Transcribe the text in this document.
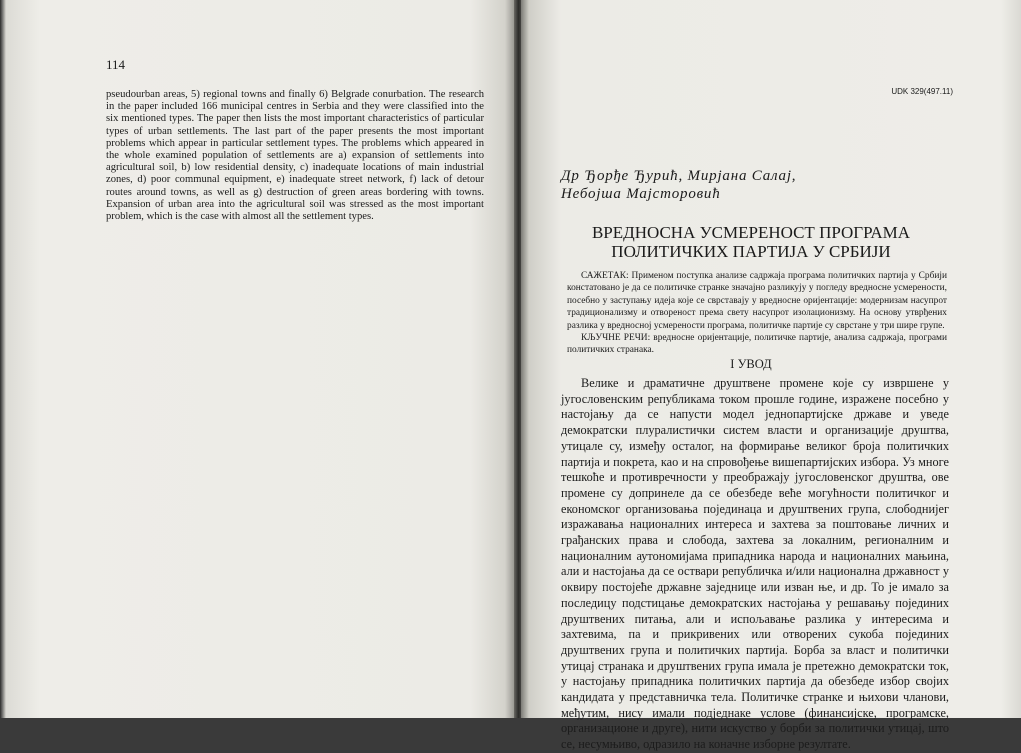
114
pseudourban areas, 5) regional towns and finally 6) Belgrade conurbation. The research in the paper included 166 municipal centres in Serbia and they were classified into the six mentioned types. The paper then lists the most important characteristics of particular types of urban settlements. The last part of the paper presents the most important problems which appear in particular settlement types. The problems which appeared in the whole examined population of settlements are a) expansion of settlements into agricultural soil, b) low residential density, c) inadequate locations of main industrial zones, d) poor communal equipment, e) inadequate street network, f) lack of detour routes around towns, as well as g) destruction of green areas bordering with towns. Expansion of urban area into the agricultural soil was stressed as the most important problem, which is the case with almost all the settlement types.
UDK 329(497.11)
Др Ђорђе Ђурић, Мирјана Салај,
Небојша Мајсторовић
ВРЕДНОСНА УСМЕРЕНОСТ ПРОГРАМА
ПОЛИТИЧКИХ ПАРТИЈА У СРБИЈИ

САЖЕТАК: Применом поступка анализе садржаја програма политичких партија у Србији констатовано је да се политичке странке значајно разликују у погледу вредносне усмерености, посебно у заступању идеја које се сврставају у вредносне оријентације: модернизам насупрот традиционализму и отвореност према свету насупрот изолационизму. На основу утврђених разлика у вредносној усмерености програма, политичке партије су сврстане у три шире групе.

КЉУЧНЕ РЕЧИ: вредносне оријентације, политичке партије, анализа садржаја, програми политичких странака.

I УВОД
Велике и драматичне друштвене промене које су извршене у југословенским републикама током прошле године, изражене посебно у настојању да се напусти модел једнопартијске државе и уведе демократски плуралистички систем власти и организације друштва, утицале су, између осталог, на формирање великог броја политичких партија и покрета, као и на спровођење вишепартијских избора. Уз многе тешкоће и противречности у преображају југословенског друштва, ове промене су допринеле да се обезбеде веће могућности политичког и економског организовања појединаца и друштвених група, слободнијег изражавања националних интереса и захтева за поштовање личних и грађанских права и слобода, захтева за локалним, регионалним и националним аутономијама припадника народа и националних мањина, али и настојања да се оствари републичка и/или национална државност у оквиру постојеће државне заједнице или изван ње, и др. То је имало за последицу подстицање демократских настојања у решавању појединих друштвених питања, али и испољавање разлика у интересима и захтевима, па и прикривених или отворених сукоба појединих друштвених група и политичких партија. Борба за власт и политички утицај странака и друштвених група имала је претежно демократски ток, у настојању припадника политичких партија да обезбеде избор својих кандидата у представничка тела. Политичке странке и њихови чланови, међутим, нису имали подједнаке услове (финансијске, програмске, организационе и друге), нити искуство у борби за политички утицај, што се, несумњиво, одразило на коначне изборне резултате.
